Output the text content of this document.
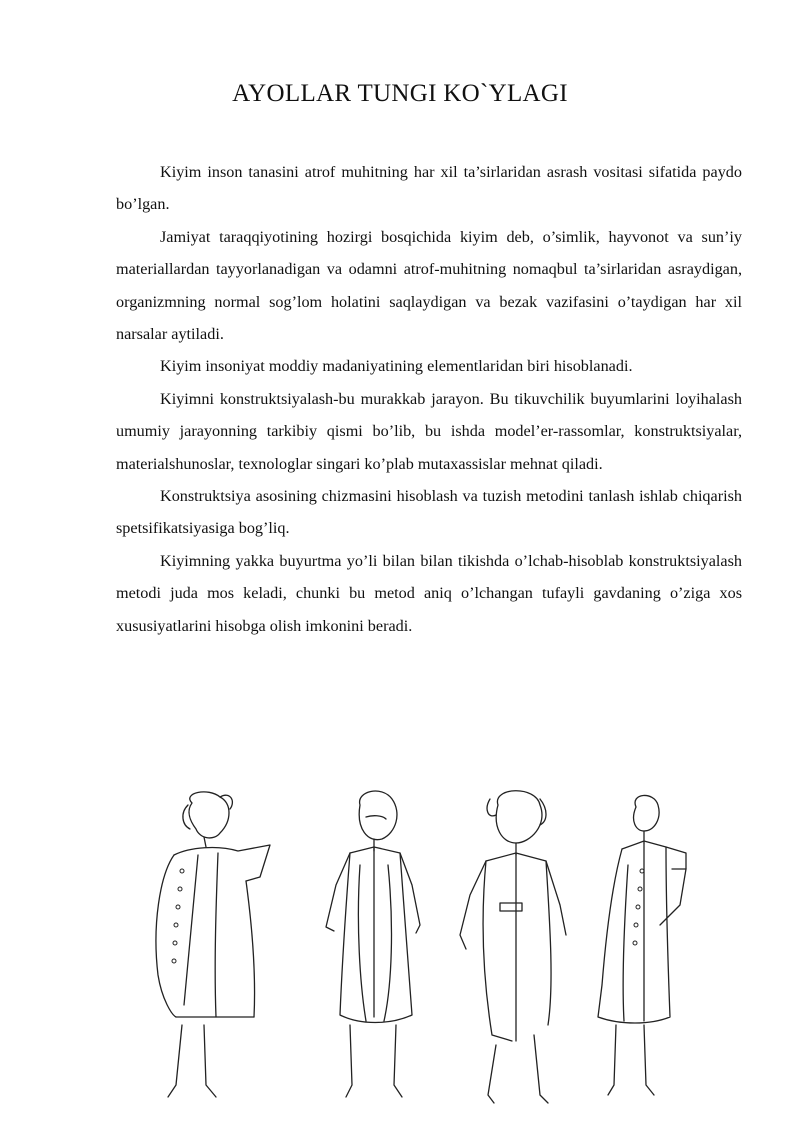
AYOLLAR TUNGI KO`YLAGI

Kiyim inson tanasini atrof muhitning har xil ta’sirlaridan asrash vositasi sifatida paydo bo’lgan.

Jamiyat taraqqiyotining hozirgi bosqichida kiyim deb, o’simlik, hayvonot va sun’iy materiallardan tayyorlanadigan va odamni atrof-muhitning nomaqbul ta’sirlaridan asraydigan, organizmning normal sog’lom holatini saqlaydigan va bezak vazifasini o’taydigan har xil narsalar aytiladi.

Kiyim insoniyat moddiy madaniyatining elementlaridan biri hisoblanadi.

Kiyimni konstruktsiyalash-bu murakkab jarayon. Bu tikuvchilik buyumlarini loyihalash umumiy jarayonning tarkibiy qismi bo’lib, bu ishda model’er-rassomlar, konstruktsiyalar, materialshunoslar, texnologlar singari ko’plab mutaxassislar mehnat qiladi.

Konstruktsiya asosining chizmasini hisoblash va tuzish metodini tanlash ishlab chiqarish spetsifikatsiyasiga bog’liq.

Kiyimning yakka buyurtma yo’li bilan bilan tikishda o’lchab-hisoblab konstruktsiyalash metodi juda mos keladi, chunki bu metod aniq o’lchangan tufayli gavdaning o’ziga xos xususiyatlarini hisobga olish imkonini beradi.
